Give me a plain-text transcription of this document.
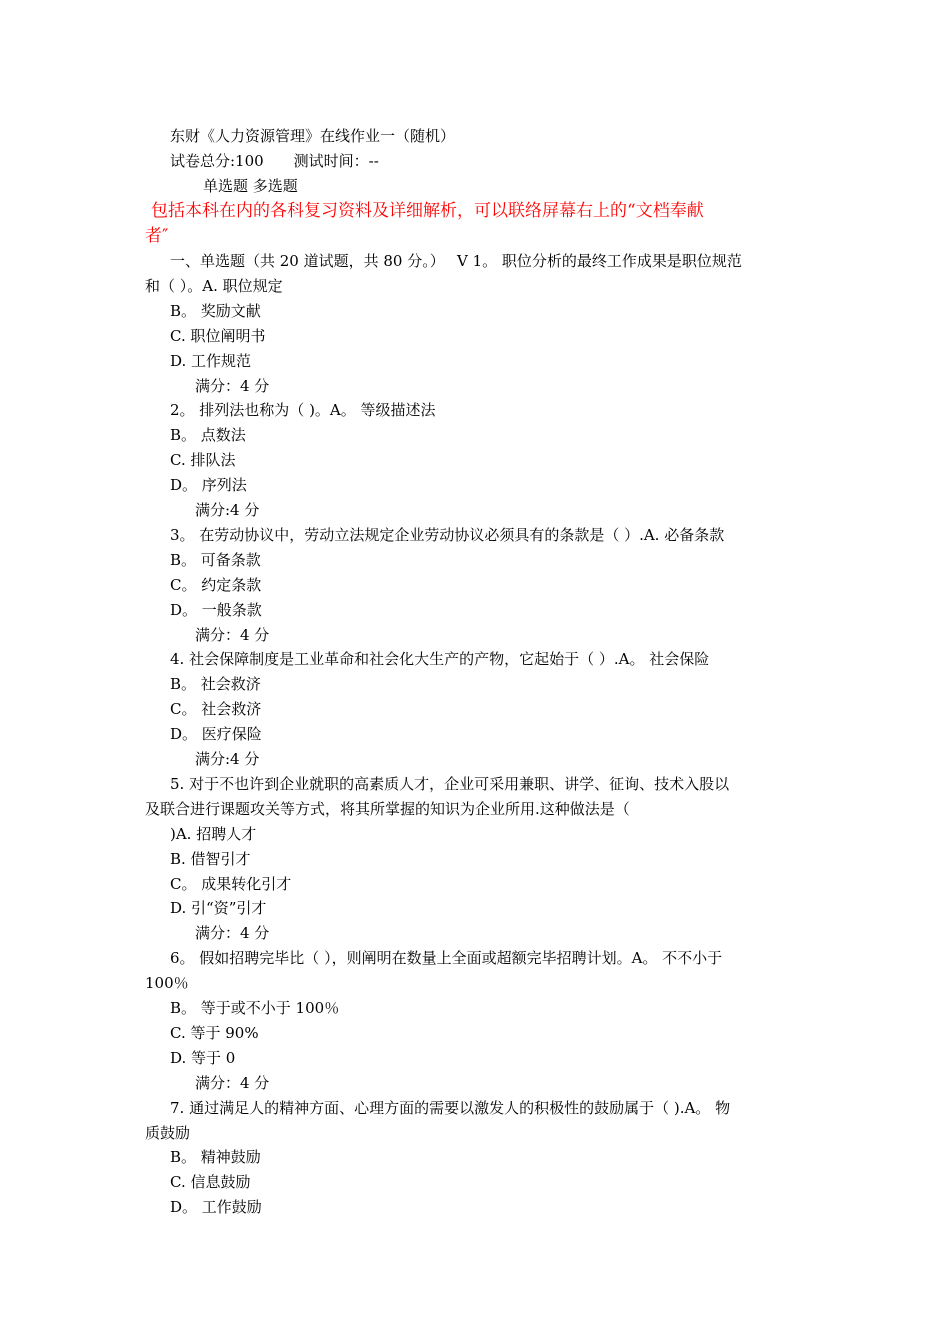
东财《人力资源管理》在线作业一（随机）
试卷总分:100　　测试时间：--
单选题 多选题
包括本科在内的各科复习资料及详细解析，可以联络屏幕右上的“文档奉献
者″
一、单选题（共 20 道试题，共 80 分。）　 V 1。 职位分析的最终工作成果是职位规范
和（ ）。A. 职位规定
B。 奖励文献
C. 职位阐明书
D. 工作规范
满分：4 分
2。 排列法也称为（ )。A。 等级描述法
B。 点数法
C. 排队法
D。 序列法
满分:4 分
3。 在劳动协议中，劳动立法规定企业劳动协议必须具有的条款是（ ）.A. 必备条款
B。 可备条款
C。 约定条款
D。 一般条款
满分：4 分
4. 社会保障制度是工业革命和社会化大生产的产物，它起始于（ ）.A。 社会保险
B。 社会救济
C。 社会救济
D。 医疗保险
满分:4 分
5. 对于不也许到企业就职的高素质人才，企业可采用兼职、讲学、征询、技术入股以
及联合进行课题攻关等方式，将其所掌握的知识为企业所用.这种做法是（
)A. 招聘人才
B. 借智引才
C。 成果转化引才
D. 引“资”引才
满分：4 分
6。 假如招聘完毕比（ ），则阐明在数量上全面或超额完毕招聘计划。A。 不不小于
100％
B。 等于或不小于 100％
C. 等于 90%
D. 等于 0
满分：4 分
7. 通过满足人的精神方面、心理方面的需要以激发人的积极性的鼓励属于（ ).A。 物
质鼓励
B。 精神鼓励
C. 信息鼓励
D。 工作鼓励
